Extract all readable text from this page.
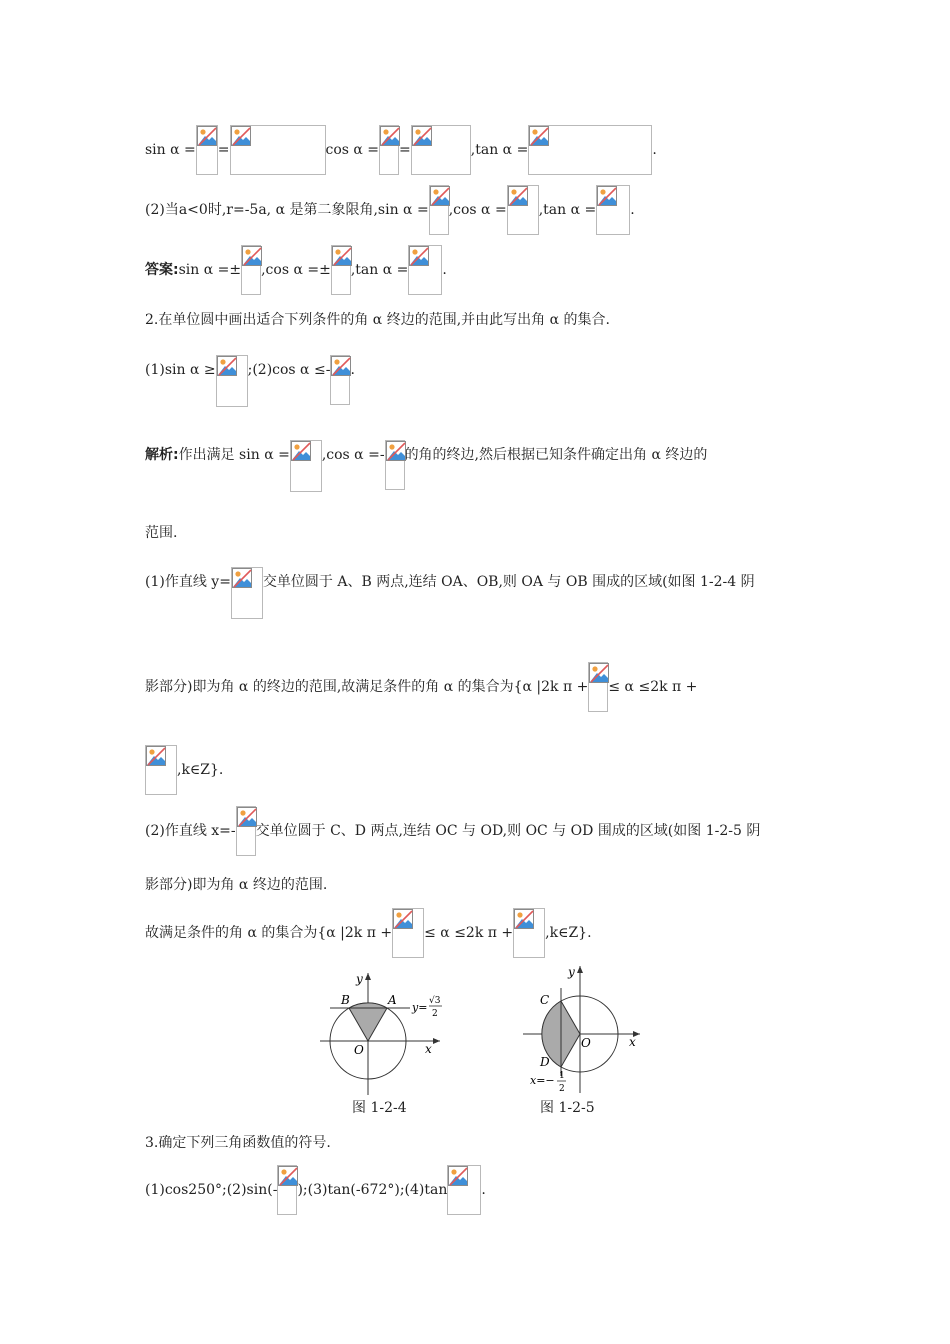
sin α = =	cos α = =	,tan α =	.
(2)当a<0时,r=-5a, α 是第二象限角,sin α = ,cos α = ,tan α = .
答案:sin α =± ,cos α =± ,tan α = .
2.在单位圆中画出适合下列条件的角 α 终边的范围,并由此写出角 α 的集合.
(1)sin α ≥ ;(2)cos α ≤- .
解析:作出满足 sin α = ,cos α =- 的角的终边,然后根据已知条件确定出角 α 终边的
范围.
(1)作直线 y= 交单位圆于 A、B 两点,连结 OA、OB,则 OA 与 OB 围成的区域(如图 1-2-4 阴
影部分)即为角 α 的终边的范围,故满足条件的角 α 的集合为{α |2k π + ≤ α ≤2k π +
,k∈Z}.
(2)作直线 x=- 交单位圆于 C、D 两点,连结 OC 与 OD,则 OC 与 OD 围成的区域(如图 1-2-5 阴
影部分)即为角 α 终边的范围.
故满足条件的角 α 的集合为{α |2k π + ≤ α ≤2k π + ,k∈Z}.
y
x
O
B	A
y= √3
2
图 1-2-4
y
x
O
C
D
x=− 1
2
图 1-2-5
3.确定下列三角函数值的符号.
(1)cos250°;(2)sin(- );(3)tan(-672°);(4)tan .
